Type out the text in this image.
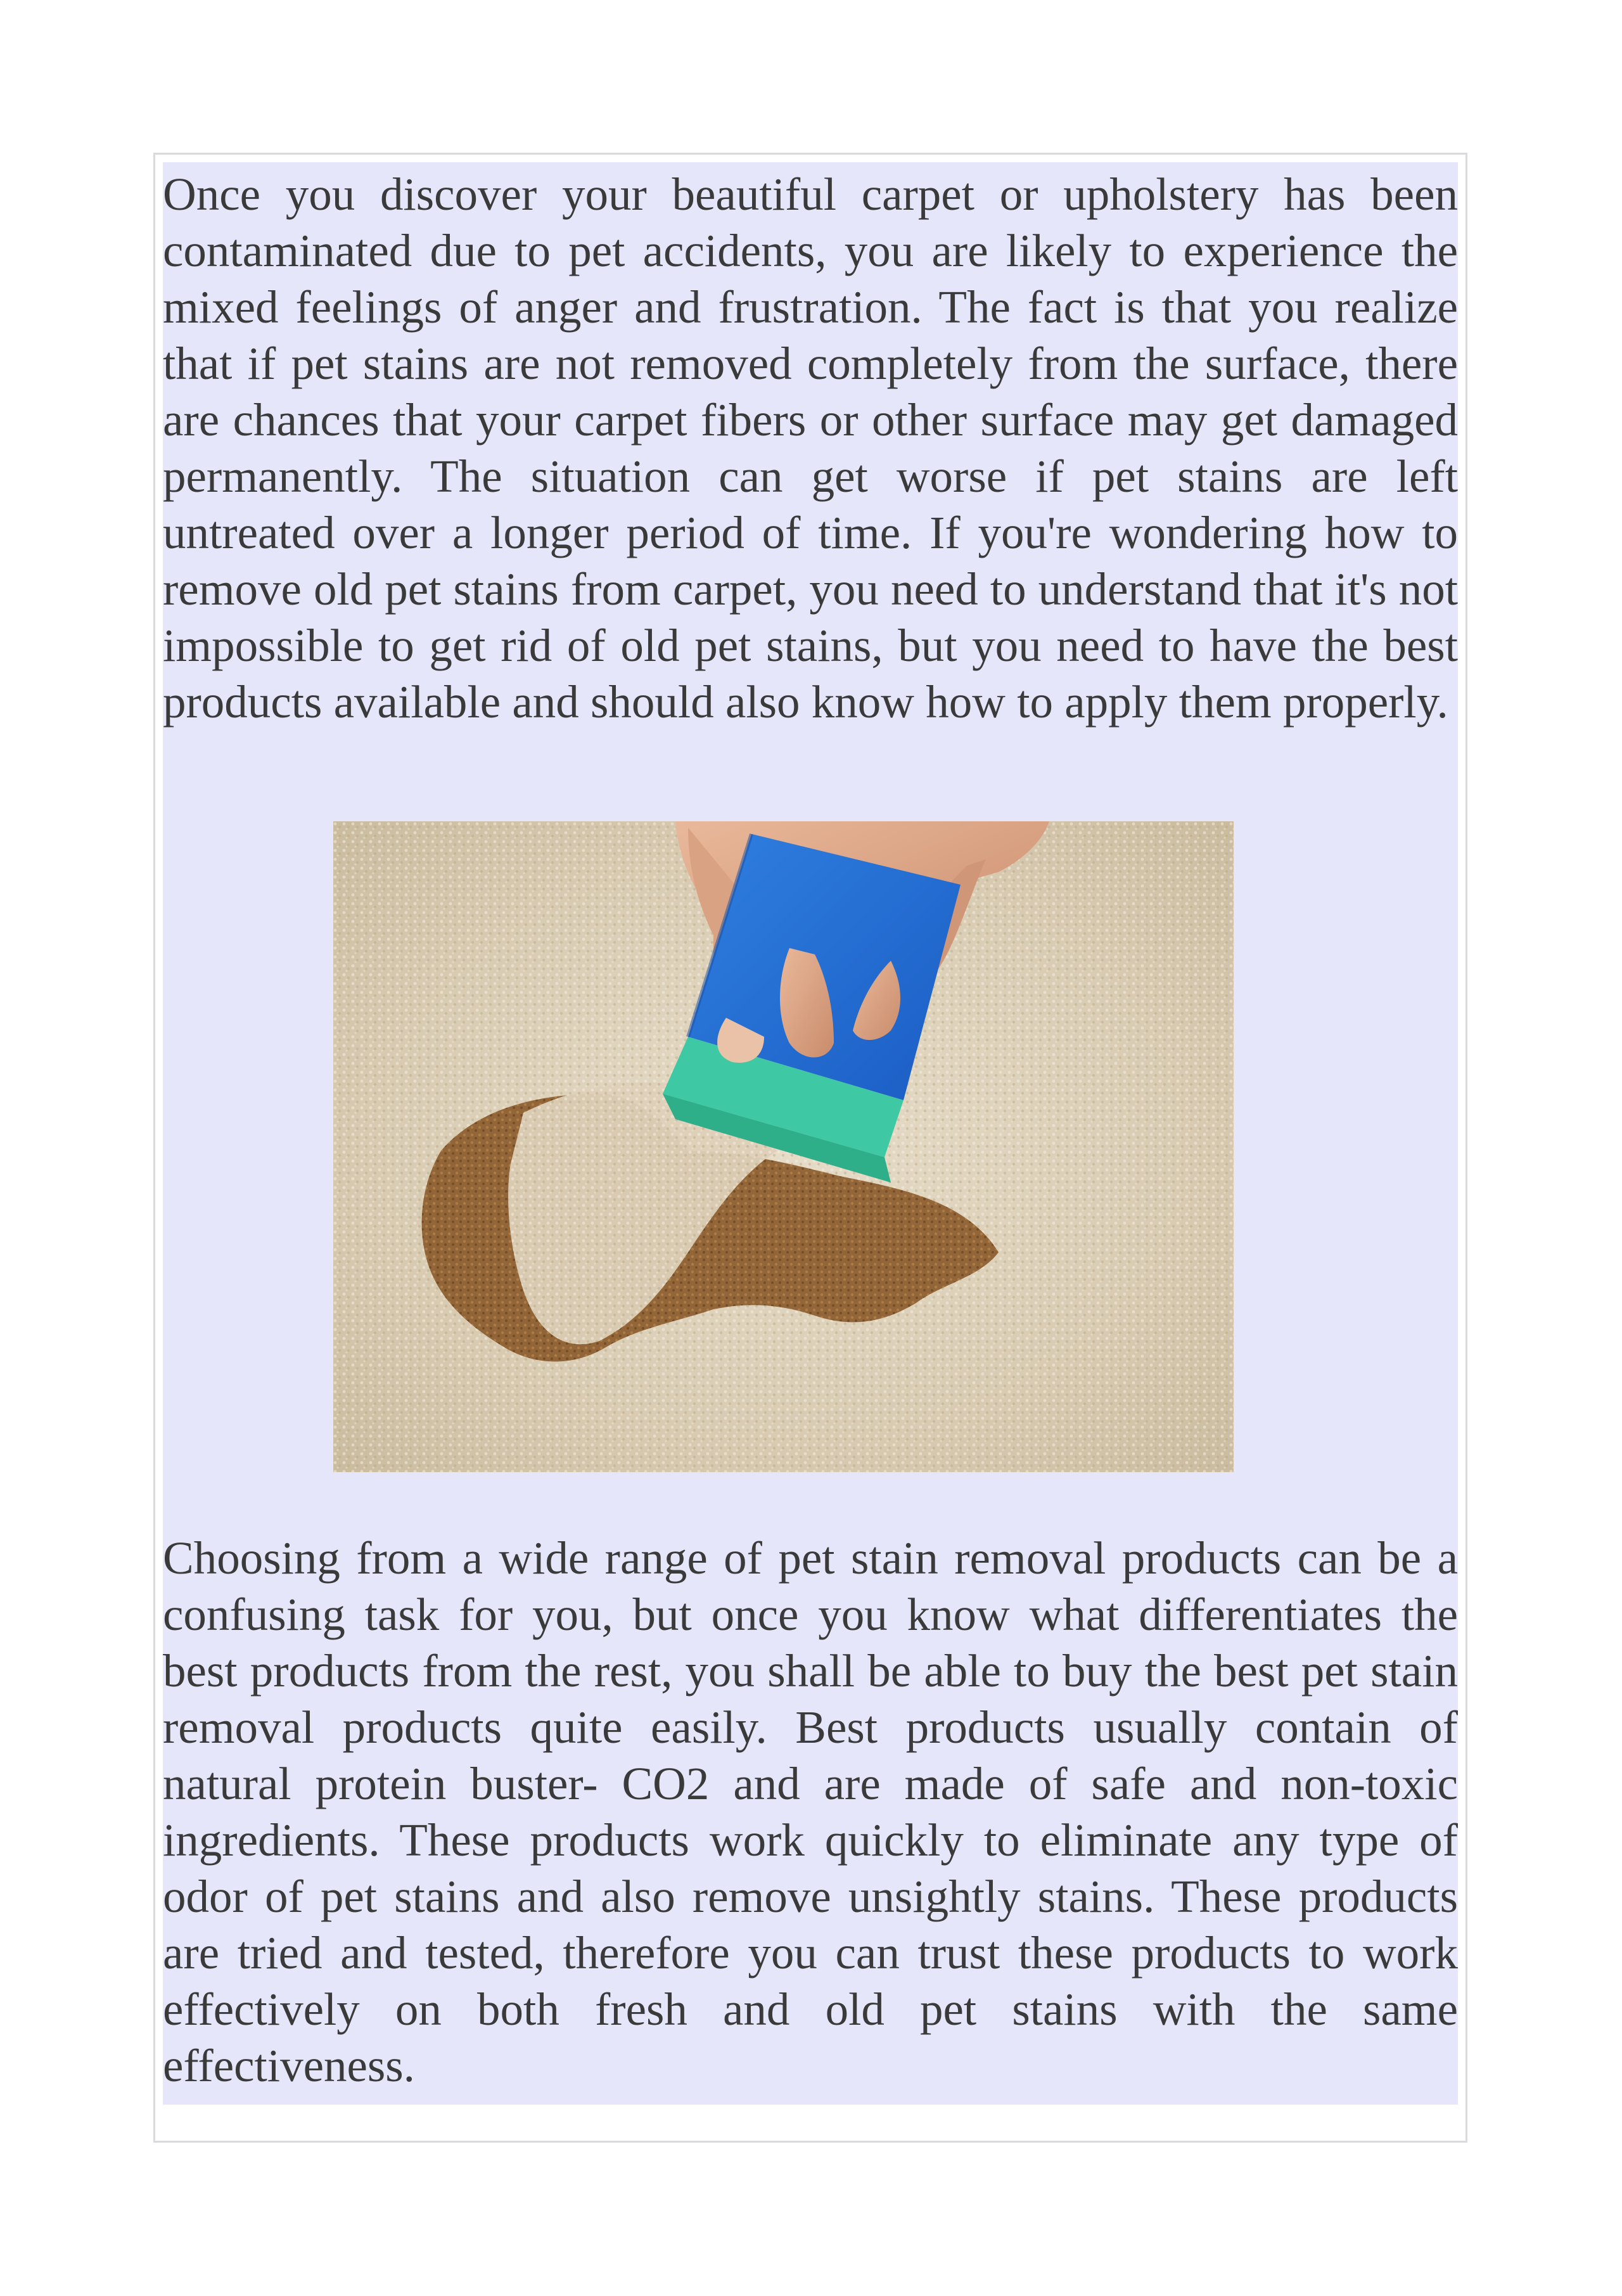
Once you discover your beautiful carpet or upholstery has been contaminated due to pet accidents, you are likely to experience the mixed feelings of anger and frustration. The fact is that you realize that if pet stains are not removed completely from the surface, there are chances that your carpet fibers or other surface may get damaged permanently. The situation can get worse if pet stains are left untreated over a longer period of time. If you're wondering how to remove old pet stains from carpet, you need to understand that it's not impossible to get rid of old pet stains, but you need to have the best products available and should also know how to apply them properly.

Choosing from a wide range of pet stain removal products can be a confusing task for you, but once you know what differentiates the best products from the rest, you shall be able to buy the best pet stain removal products quite easily. Best products usually contain of natural protein buster- CO2 and are made of safe and non-toxic ingredients. These products work quickly to eliminate any type of odor of pet stains and also remove unsightly stains. These products are tried and tested, therefore you can trust these products to work effectively on both fresh and old pet stains with the same effectiveness.
